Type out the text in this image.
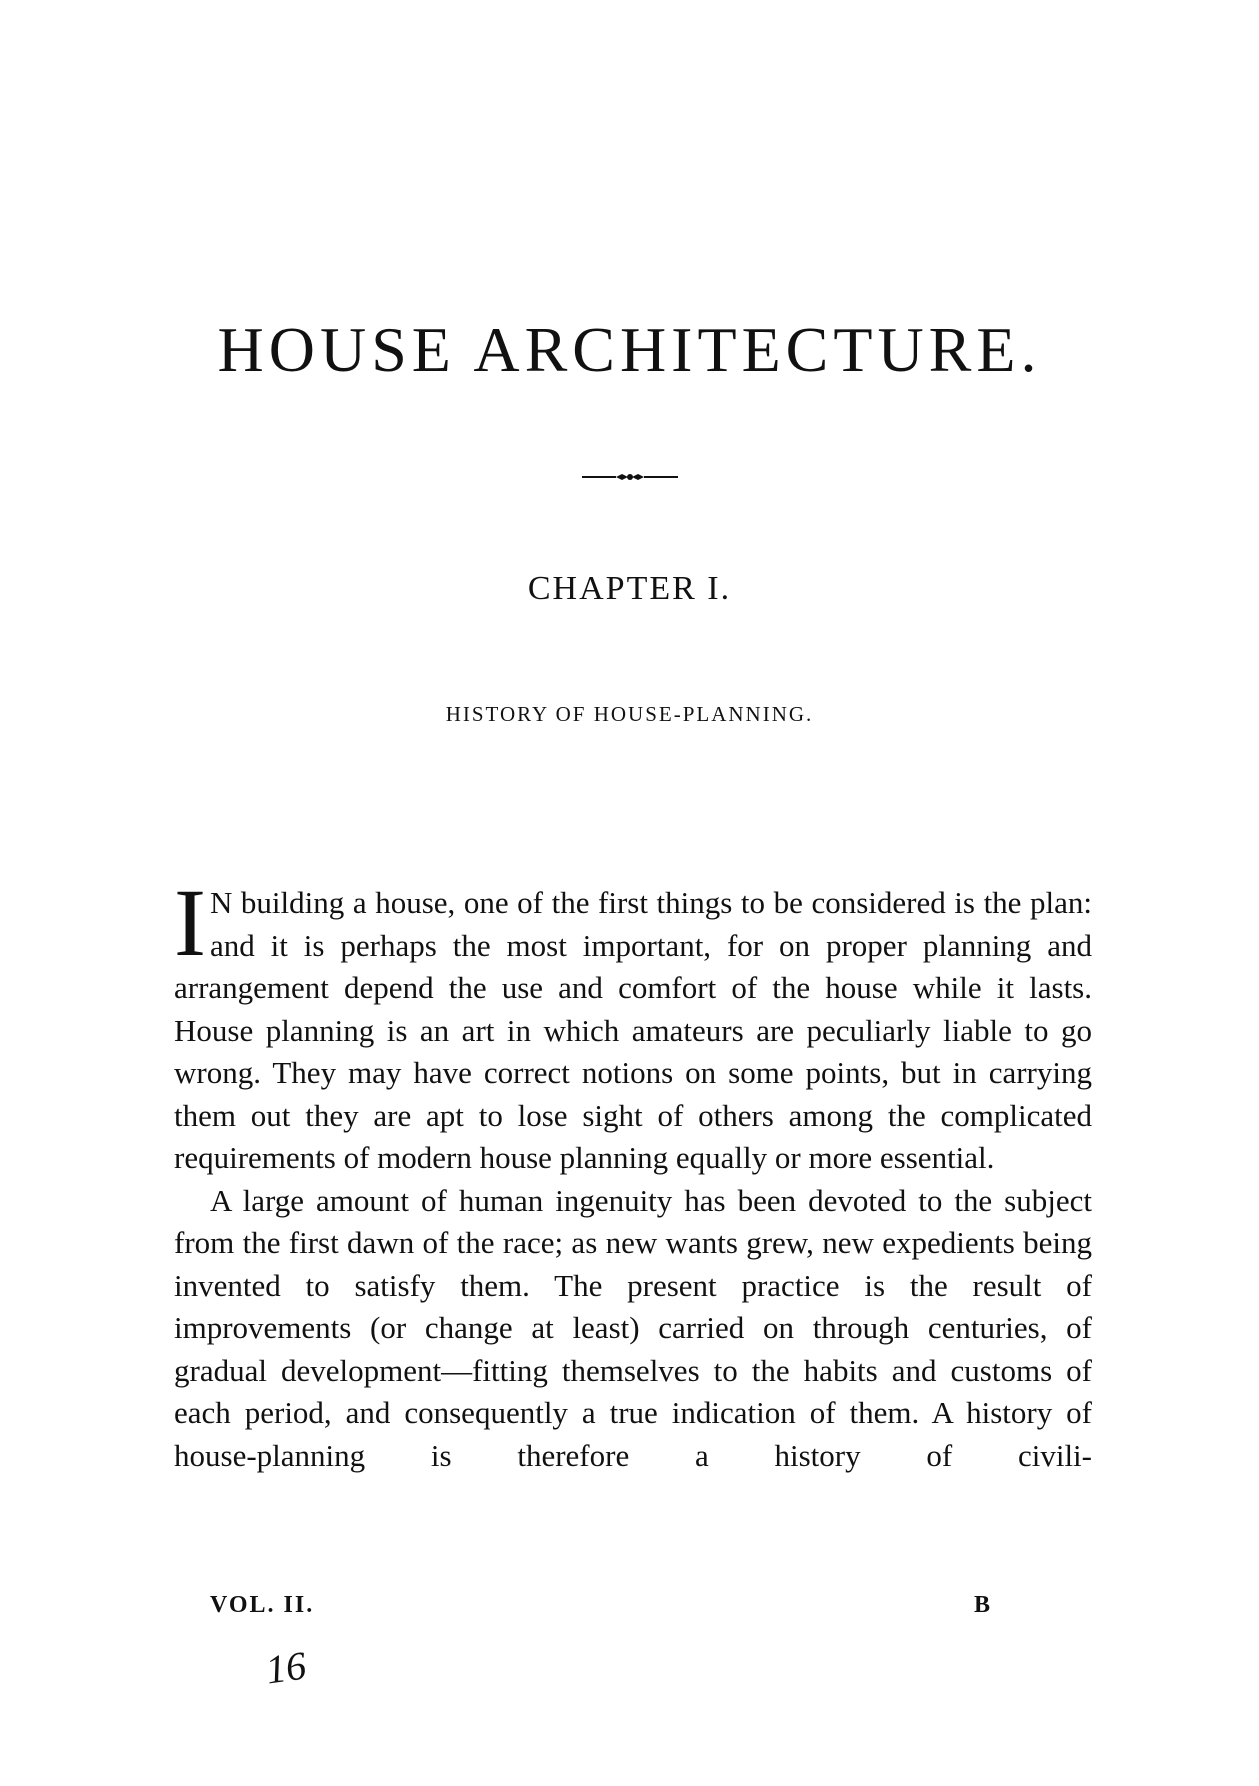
HOUSE ARCHITECTURE.
CHAPTER I.
HISTORY OF HOUSE-PLANNING.

I N building a house, one of the first things to be considered is the plan: and it is perhaps the most important, for on proper planning and arrangement depend the use and comfort of the house while it lasts. House planning is an art in which amateurs are peculiarly liable to go wrong. They may have correct notions on some points, but in carrying them out they are apt to lose sight of others among the complicated requirements of modern house planning equally or more essential.

A large amount of human ingenuity has been devoted to the subject from the first dawn of the race; as new wants grew, new expedients being invented to satisfy them. The present practice is the result of improvements (or change at least) carried on through centuries, of gradual development—fitting themselves to the habits and customs of each period, and consequently a true indication of them. A history of house-planning is therefore a history of civili-

VOL. II.	B
16
